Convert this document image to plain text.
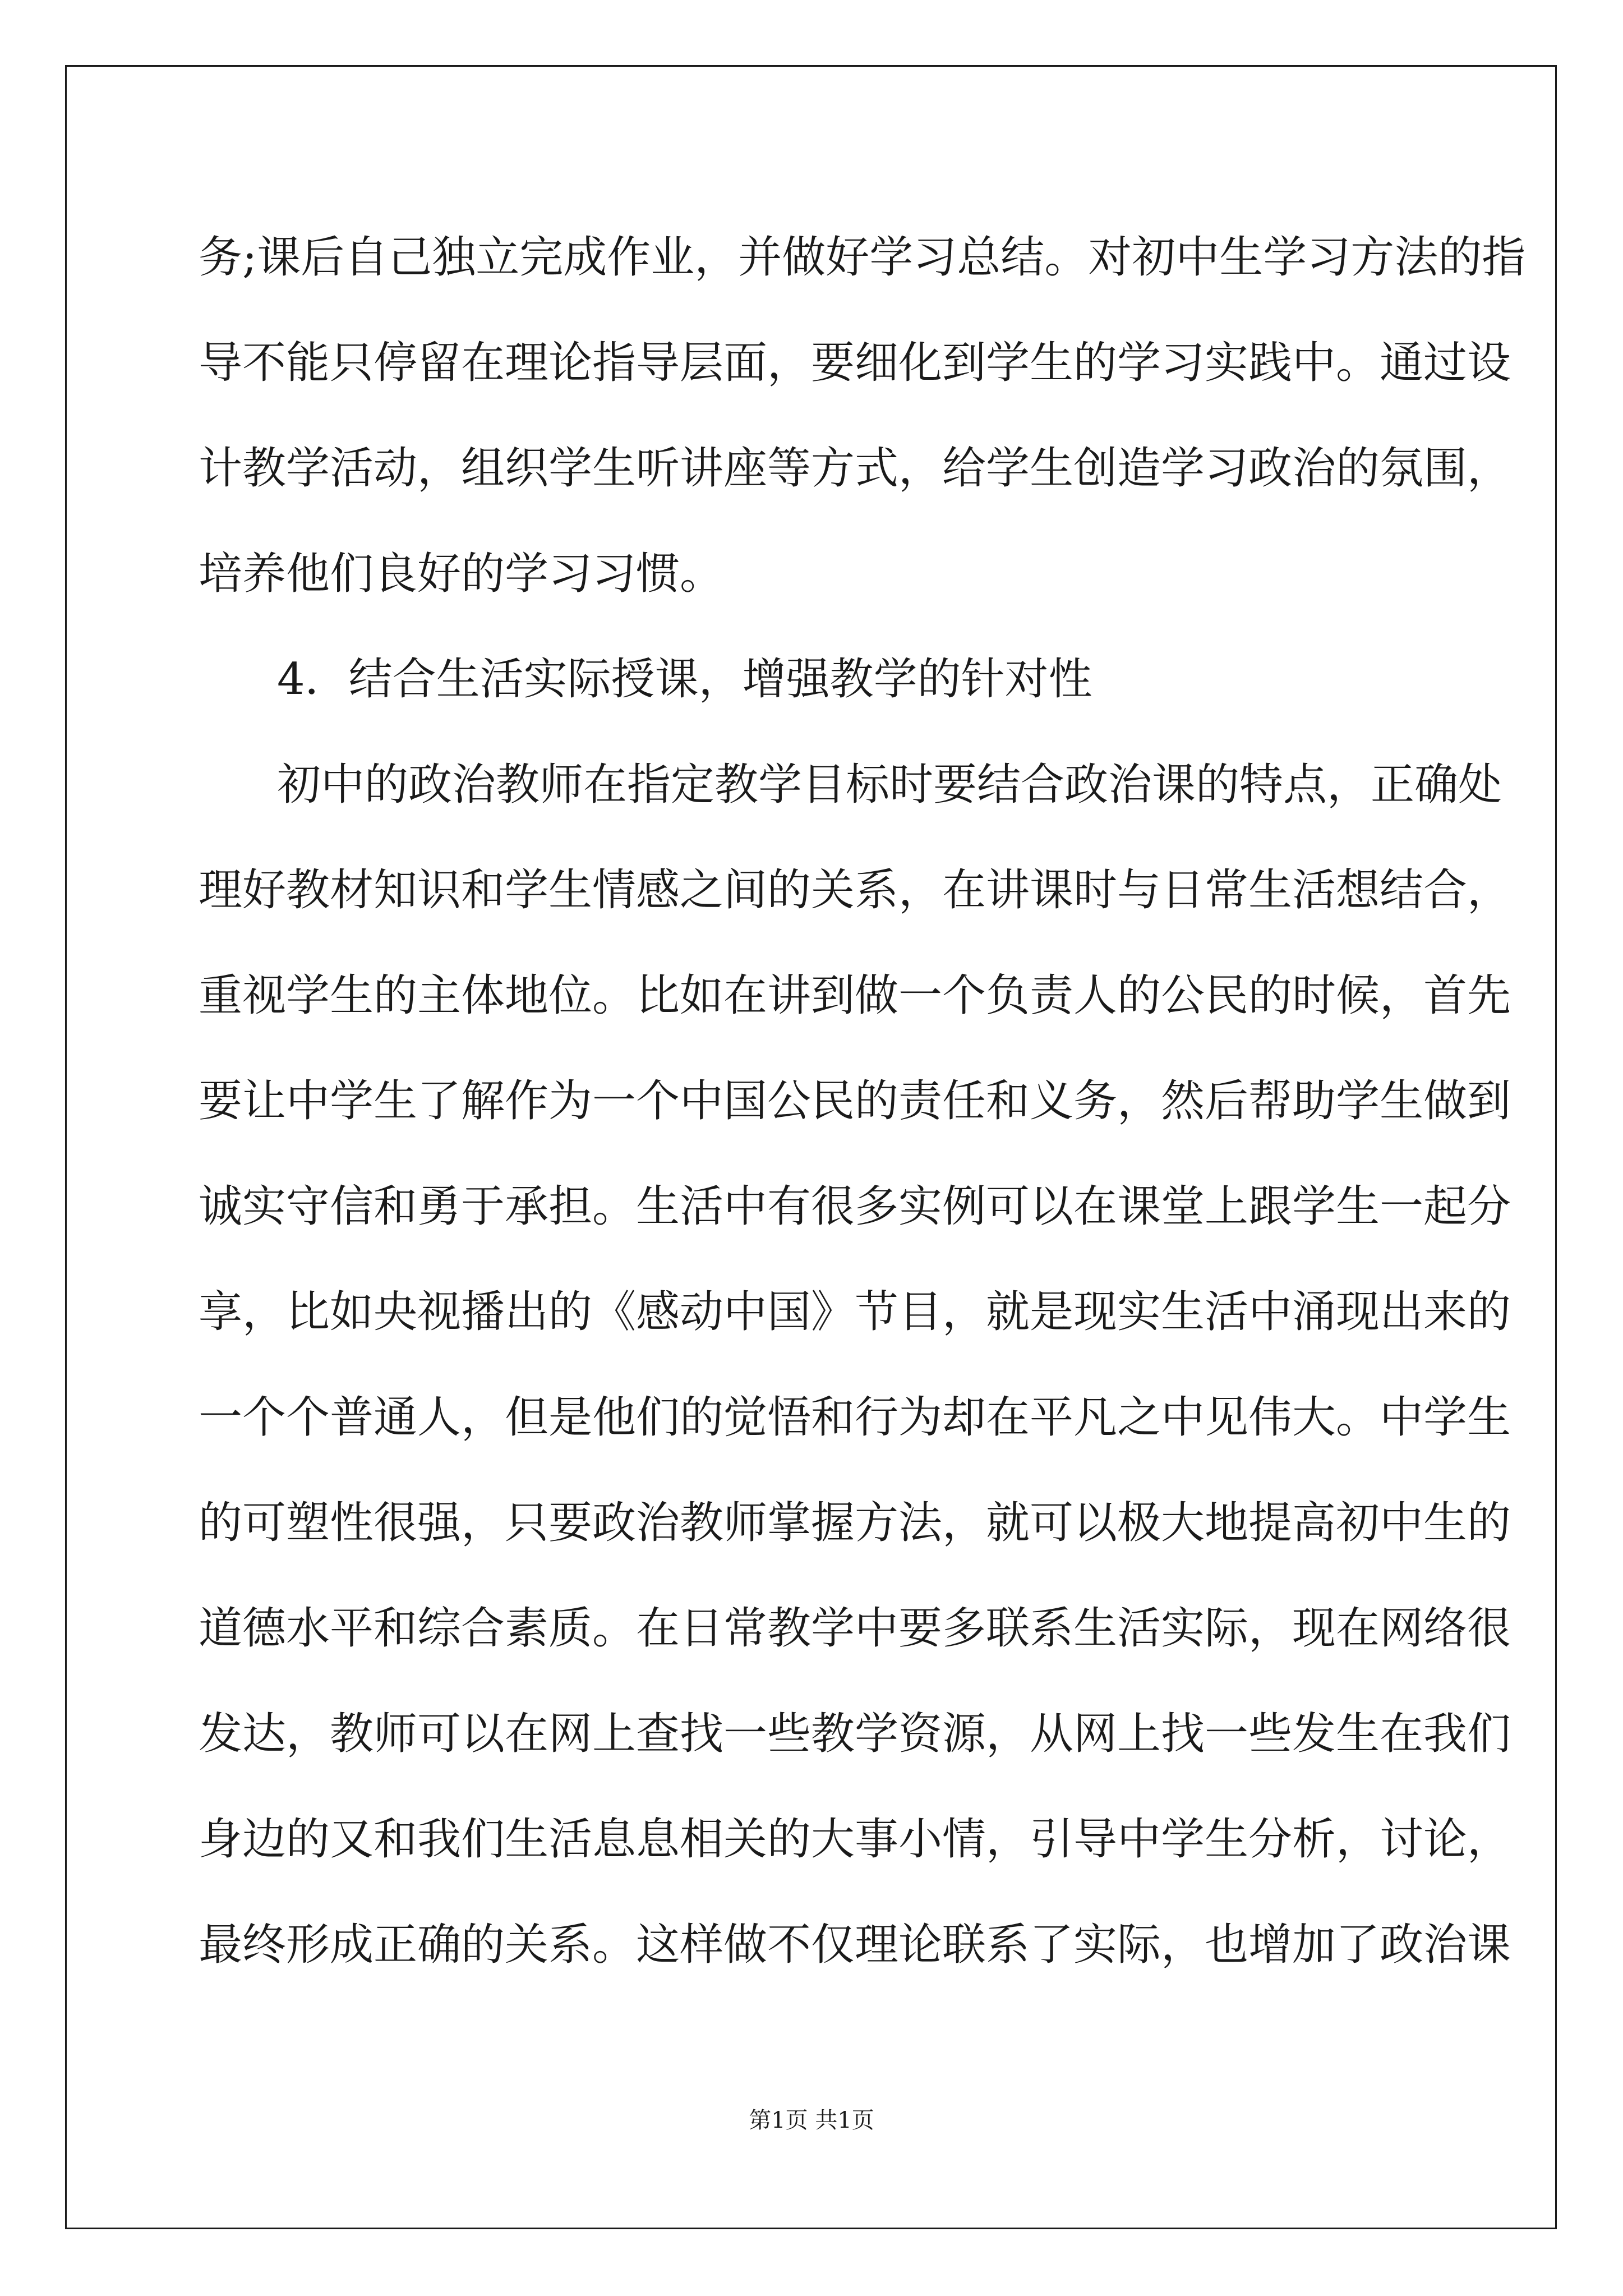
务;课后自己独立完成作业，并做好学习总结。对初中生学习方法的指
导不能只停留在理论指导层面，要细化到学生的学习实践中。通过设
计教学活动，组织学生听讲座等方式，给学生创造学习政治的氛围，
培养他们良好的学习习惯。
4．结合生活实际授课，增强教学的针对性
初中的政治教师在指定教学目标时要结合政治课的特点，正确处
理好教材知识和学生情感之间的关系，在讲课时与日常生活想结合，
重视学生的主体地位。比如在讲到做一个负责人的公民的时候，首先
要让中学生了解作为一个中国公民的责任和义务，然后帮助学生做到
诚实守信和勇于承担。生活中有很多实例可以在课堂上跟学生一起分
享，比如央视播出的《感动中国》节目，就是现实生活中涌现出来的
一个个普通人，但是他们的觉悟和行为却在平凡之中见伟大。中学生
的可塑性很强，只要政治教师掌握方法，就可以极大地提高初中生的
道德水平和综合素质。在日常教学中要多联系生活实际，现在网络很
发达，教师可以在网上查找一些教学资源，从网上找一些发生在我们
身边的又和我们生活息息相关的大事小情，引导中学生分析，讨论，
最终形成正确的关系。这样做不仅理论联系了实际，也增加了政治课
第1页 共1页
